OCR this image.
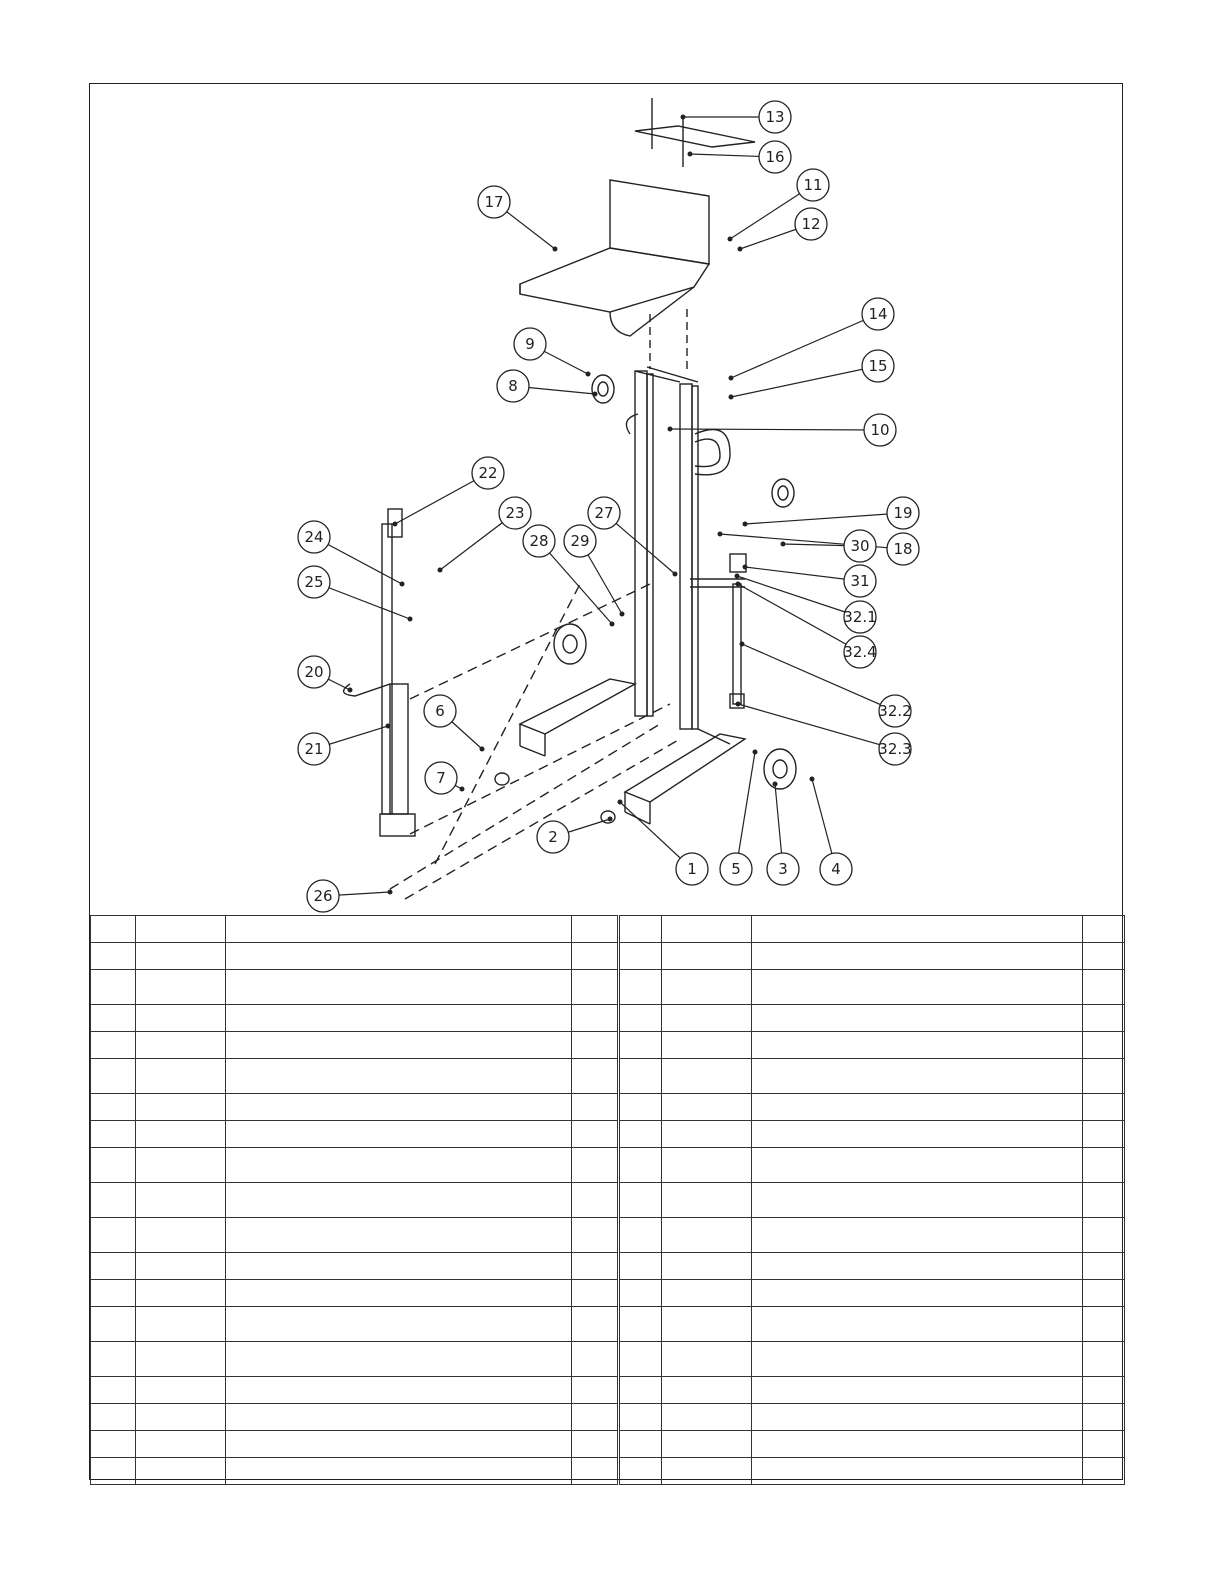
1
2
3	4
5
6
7
8
9
10
11
12
13
14
15
16
17
18
19
20
21
22
23
24
25
26
27
28 29	30
31
32.1
32.2
32.3
32.4
